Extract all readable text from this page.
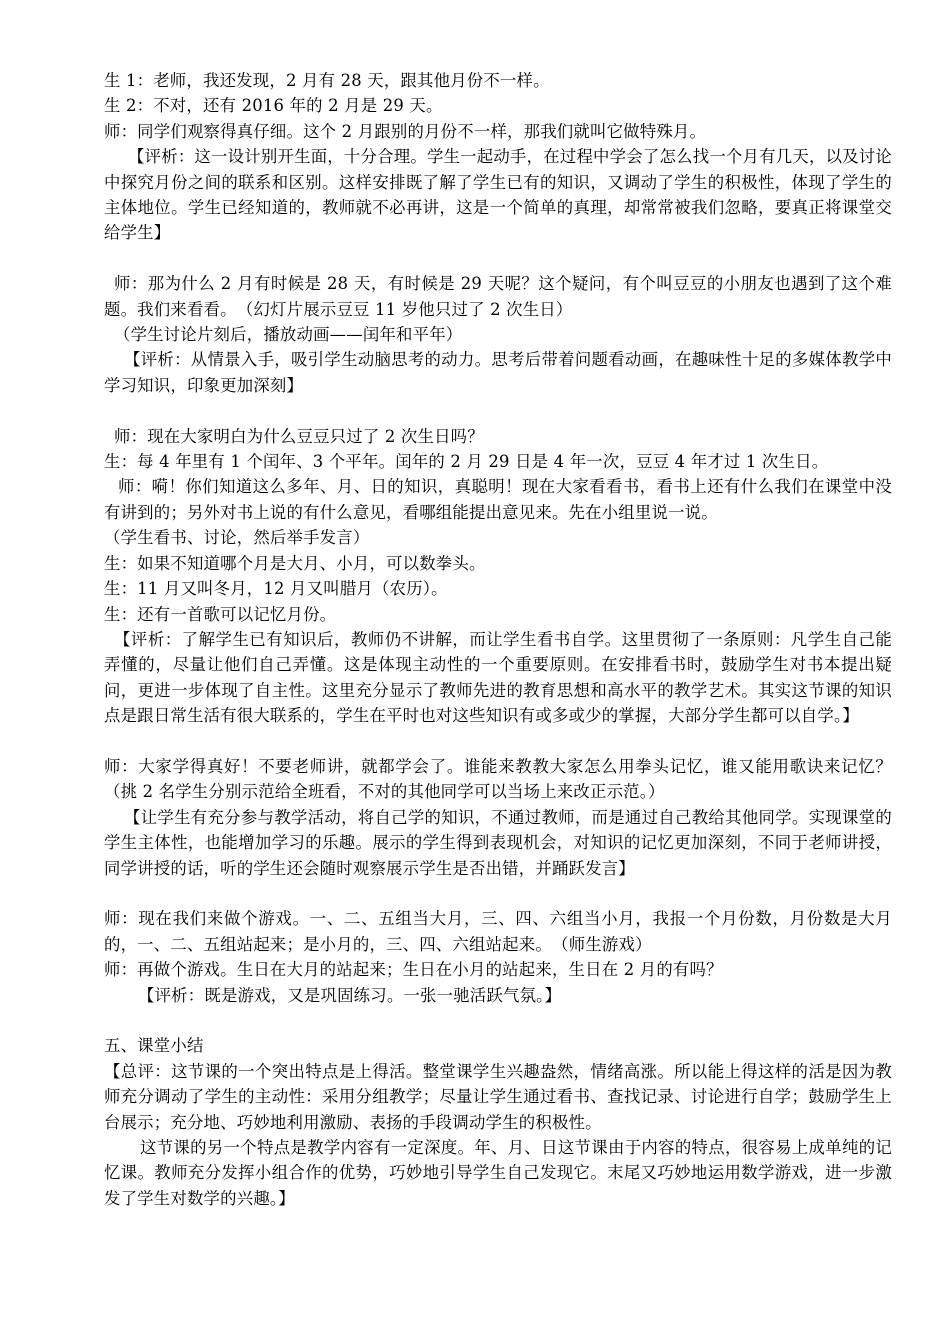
生 1：老师，我还发现，2 月有 28 天，跟其他月份不一样。

生 2：不对，还有 2016 年的 2 月是 29 天。

师：同学们观察得真仔细。这个 2 月跟别的月份不一样，那我们就叫它做特殊月。

【评析：这一设计别开生面，十分合理。学生一起动手，在过程中学会了怎么找一个月有几天，以及讨论中探究月份之间的联系和区别。这样安排既了解了学生已有的知识，又调动了学生的积极性，体现了学生的主体地位。学生已经知道的，教师就不必再讲，这是一个简单的真理，却常常被我们忽略，要真正将课堂交给学生】

师：那为什么 2 月有时候是 28 天，有时候是 29 天呢？这个疑问，有个叫豆豆的小朋友也遇到了这个难题。我们来看看。　（幻灯片展示豆豆 11 岁他只过了 2 次生日）

（学生讨论片刻后，播放动画——闰年和平年）

【评析：从情景入手，吸引学生动脑思考的动力。思考后带着问题看动画，在趣味性十足的多媒体教学中学习知识，印象更加深刻】

师：现在大家明白为什么豆豆只过了 2 次生日吗？

生：每 4 年里有 1 个闰年、3 个平年。闰年的 2 月 29 日是 4 年一次，豆豆 4 年才过 1 次生日。

师：嗬！你们知道这么多年、月、日的知识，真聪明！现在大家看看书，看书上还有什么我们在课堂中没有讲到的；另外对书上说的有什么意见，看哪组能提出意见来。先在小组里说一说。

（学生看书、讨论，然后举手发言）

生：如果不知道哪个月是大月、小月，可以数拳头。

生：11 月又叫冬月，12 月又叫腊月（农历）。

生：还有一首歌可以记忆月份。

【评析：了解学生已有知识后，教师仍不讲解，而让学生看书自学。这里贯彻了一条原则：凡学生自己能弄懂的，尽量让他们自己弄懂。这是体现主动性的一个重要原则。在安排看书时，鼓励学生对书本提出疑问，更进一步体现了自主性。这里充分显示了教师先进的教育思想和高水平的教学艺术。其实这节课的知识点是跟日常生活有很大联系的，学生在平时也对这些知识有或多或少的掌握，大部分学生都可以自学。】

师：大家学得真好！不要老师讲，就都学会了。谁能来教教大家怎么用拳头记忆，谁又能用歌诀来记忆？（挑 2 名学生分别示范给全班看，不对的其他同学可以当场上来改正示范。）

【让学生有充分参与教学活动，将自己学的知识，不通过教师，而是通过自己教给其他同学。实现课堂的学生主体性，也能增加学习的乐趣。展示的学生得到表现机会，对知识的记忆更加深刻，不同于老师讲授，同学讲授的话，听的学生还会随时观察展示学生是否出错，并踊跃发言】

师：现在我们来做个游戏。一、二、五组当大月，三、四、六组当小月，我报一个月份数，月份数是大月的，一、二、五组站起来；是小月的，三、四、六组站起来。　（师生游戏）

师：再做个游戏。生日在大月的站起来；生日在小月的站起来，生日在 2 月的有吗？

【评析：既是游戏，又是巩固练习。一张一驰活跃气氛。】

五、课堂小结

【总评：这节课的一个突出特点是上得活。整堂课学生兴趣盎然，情绪高涨。所以能上得这样的活是因为教师充分调动了学生的主动性：采用分组教学；尽量让学生通过看书、查找记录、讨论进行自学；鼓励学生上台展示；充分地、巧妙地利用激励、表扬的手段调动学生的积极性。

这节课的另一个特点是教学内容有一定深度。年、月、日这节课由于内容的特点，很容易上成单纯的记忆课。教师充分发挥小组合作的优势，巧妙地引导学生自己发现它。末尾又巧妙地运用数学游戏，进一步激发了学生对数学的兴趣。】
